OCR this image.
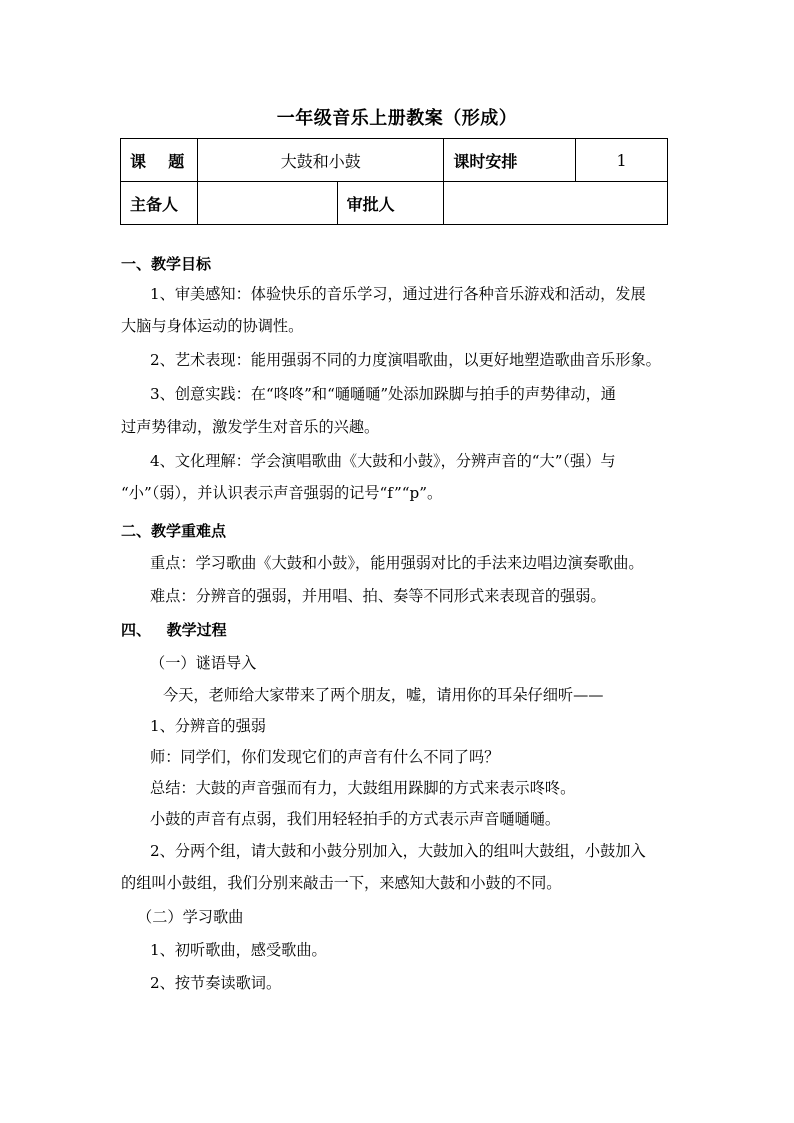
一年级音乐上册教案（形成）
课    题	大鼓和小鼓		课时安排	1
主备人		审批人		
一、教学目标
1、审美感知：体验快乐的音乐学习，通过进行各种音乐游戏和活动，发展
大脑与身体运动的协调性。
2、艺术表现：能用强弱不同的力度演唱歌曲，以更好地塑造歌曲音乐形象。
3、创意实践：在“咚咚”和“嗵嗵嗵”处添加跺脚与拍手的声势律动，通
过声势律动，激发学生对音乐的兴趣。
4、文化理解：学会演唱歌曲《大鼓和小鼓》，分辨声音的“大”（强）与
“小”（弱），并认识表示声音强弱的记号“f”“p”。
二、教学重难点
重点：学习歌曲《大鼓和小鼓》，能用强弱对比的手法来边唱边演奏歌曲。
难点：分辨音的强弱，并用唱、拍、奏等不同形式来表现音的强弱。
四、   教学过程
（一）谜语导入
今天，老师给大家带来了两个朋友，嘘，请用你的耳朵仔细听——
1、分辨音的强弱
师：同学们，你们发现它们的声音有什么不同了吗？
总结：大鼓的声音强而有力，大鼓组用跺脚的方式来表示咚咚。
小鼓的声音有点弱，我们用轻轻拍手的方式表示声音嗵嗵嗵。
2、分两个组，请大鼓和小鼓分别加入，大鼓加入的组叫大鼓组，小鼓加入
的组叫小鼓组，我们分别来敲击一下，来感知大鼓和小鼓的不同。
（二）学习歌曲
1、初听歌曲，感受歌曲。
2、按节奏读歌词。
